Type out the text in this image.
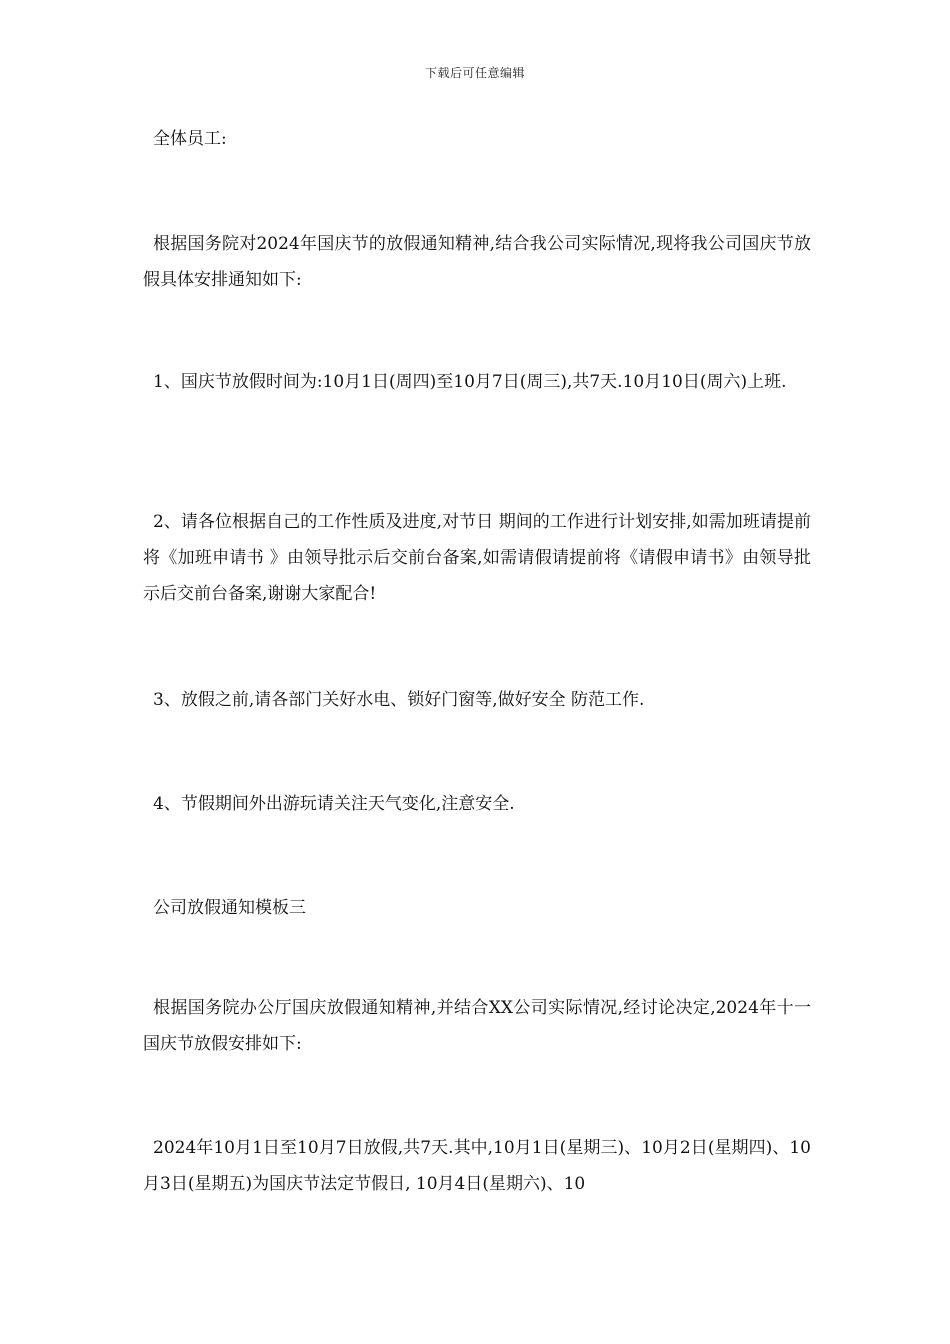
下载后可任意编辑

全体员工:

根据国务院对2024年国庆节的放假通知精神,结合我公司实际情况,现将我公司国庆节放假具体安排通知如下:

1、国庆节放假时间为:10月1日(周四)至10月7日(周三),共7天.10月10日(周六)上班.

2、请各位根据自己的工作性质及进度,对节日 期间的工作进行计划安排,如需加班请提前将《加班申请书 》由领导批示后交前台备案,如需请假请提前将《请假申请书》由领导批示后交前台备案,谢谢大家配合!

3、放假之前,请各部门关好水电、锁好门窗等,做好安全 防范工作.

4、节假期间外出游玩请关注天气变化,注意安全.

公司放假通知模板三

根据国务院办公厅国庆放假通知精神,并结合XX公司实际情况,经讨论决定,2024年十一国庆节放假安排如下:

2024年10月1日至10月7日放假,共7天.其中,10月1日(星期三)、10月2日(星期四)、10月3日(星期五)为国庆节法定节假日, 10月4日(星期六)、10
